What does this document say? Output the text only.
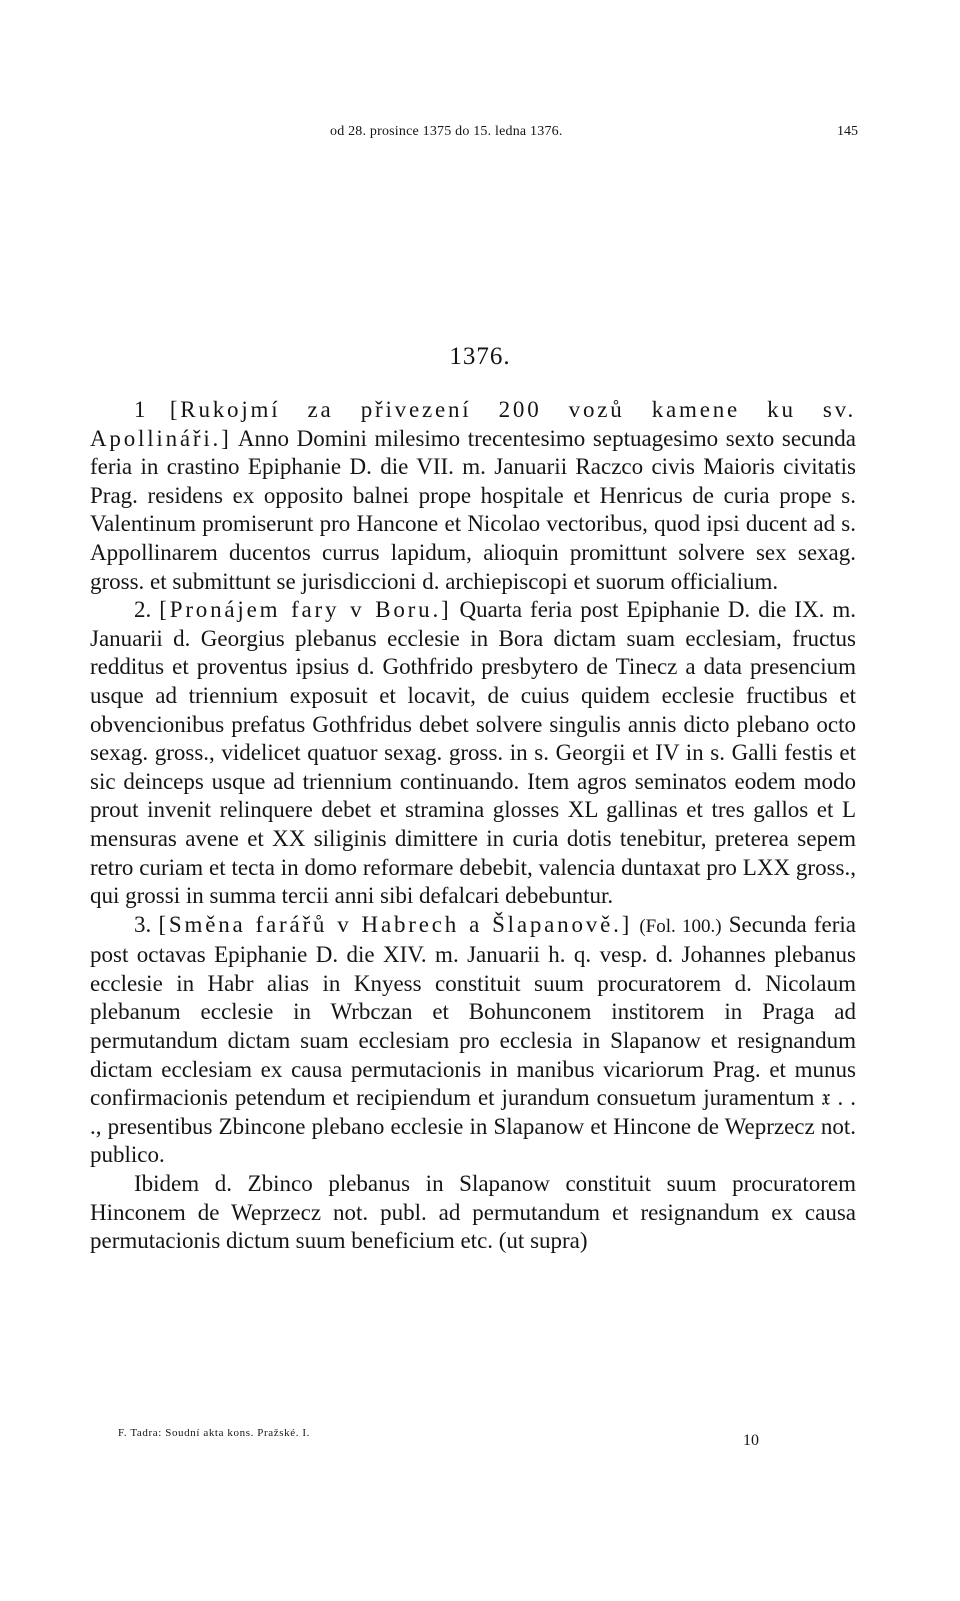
od 28. prosince 1375 do 15. ledna 1376.	145
1376.

1 [Rukojmí za přivezení 200 vozů kamene ku sv. Apollináři.] Anno Domini milesimo trecentesimo septuagesimo sexto secunda feria in crastino Epiphanie D. die VII. m. Januarii Raczco civis Maioris civitatis Prag. residens ex opposito balnei prope hospitale et Henricus de curia prope s. Valentinum promiserunt pro Hancone et Nicolao vectoribus, quod ipsi ducent ad s. Appollinarem ducentos currus lapidum, alioquin promittunt solvere sex sexag. gross. et submittunt se jurisdiccioni d. archiepiscopi et suorum officialium.

2. [Pronájem fary v Boru.] Quarta feria post Epiphanie D. die IX. m. Januarii d. Georgius plebanus ecclesie in Bora dictam suam ecclesiam, fructus redditus et proventus ipsius d. Gothfrido presbytero de Tinecz a data presencium usque ad triennium exposuit et locavit, de cuius quidem ecclesie fructibus et obvencionibus prefatus Gothfridus debet solvere singulis annis dicto plebano octo sexag. gross., videlicet quatuor sexag. gross. in s. Georgii et IV in s. Galli festis et sic deinceps usque ad triennium continuando. Item agros seminatos eodem modo prout invenit relinquere debet et stramina glosses XL gallinas et tres gallos et L mensuras avene et XX siliginis dimittere in curia dotis tenebitur, preterea sepem retro curiam et tecta in domo reformare debebit, valencia duntaxat pro LXX gross., qui grossi in summa tercii anni sibi defalcari debebuntur.

3. [Směna farářů v Habrech a Šlapanově.] (Fol. 100.) Secunda feria post octavas Epiphanie D. die XIV. m. Januarii h. q. vesp. d. Johannes plebanus ecclesie in Habr alias in Knyess constituit suum procuratorem d. Nicolaum plebanum ecclesie in Wrbczan et Bohunconem institorem in Praga ad permutandum dictam suam ecclesiam pro ecclesia in Slapanow et resignandum dictam ecclesiam ex causa permutacionis in manibus vicariorum Prag. et munus confirmacionis petendum et recipiendum et jurandum consuetum juramentum 𝔵 . . ., presentibus Zbincone plebano ecclesie in Slapanow et Hincone de Weprzecz not. publico.

Ibidem d. Zbinco plebanus in Slapanow constituit suum procuratorem Hinconem de Weprzecz not. publ. ad permutandum et resignandum ex causa permutacionis dictum suum beneficium etc. (ut supra)

F. Tadra: Soudní akta kons. Pražské. I.	10
